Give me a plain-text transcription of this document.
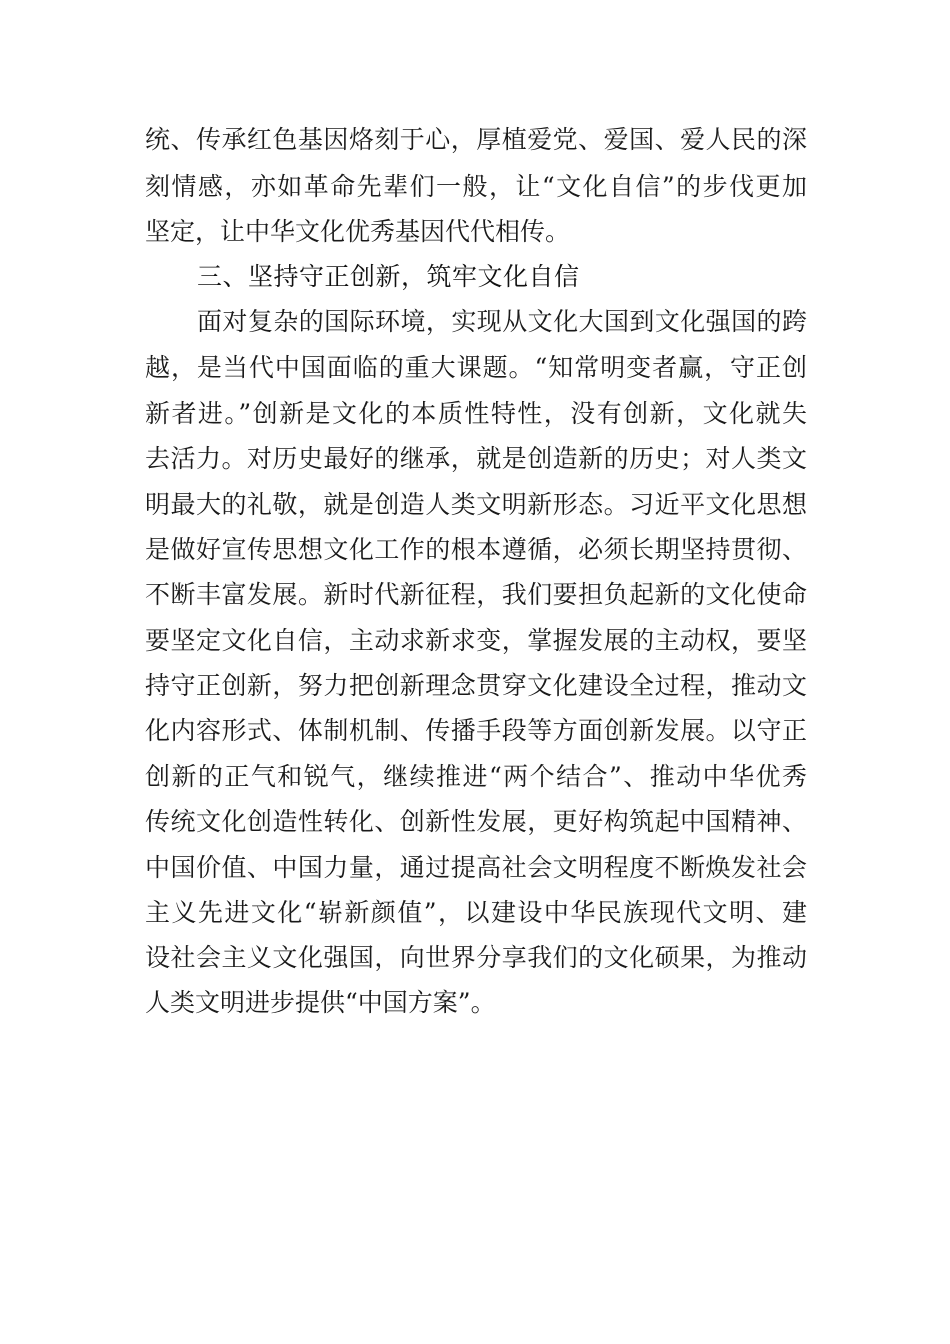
统、传承红色基因烙刻于心，厚植爱党、爱国、爱人民的深
刻情感，亦如革命先辈们一般，让“文化自信”的步伐更加
坚定，让中华文化优秀基因代代相传。
三、坚持守正创新，筑牢文化自信
面对复杂的国际环境，实现从文化大国到文化强国的跨
越，是当代中国面临的重大课题。“知常明变者赢，守正创
新者进。”创新是文化的本质性特性，没有创新，文化就失
去活力。对历史最好的继承，就是创造新的历史；对人类文
明最大的礼敬，就是创造人类文明新形态。习近平文化思想
是做好宣传思想文化工作的根本遵循，必须长期坚持贯彻、
不断丰富发展。新时代新征程，我们要担负起新的文化使命
要坚定文化自信，主动求新求变，掌握发展的主动权，要坚
持守正创新，努力把创新理念贯穿文化建设全过程，推动文
化内容形式、体制机制、传播手段等方面创新发展。以守正
创新的正气和锐气，继续推进“两个结合”、推动中华优秀
传统文化创造性转化、创新性发展，更好构筑起中国精神、
中国价值、中国力量，通过提高社会文明程度不断焕发社会
主义先进文化“崭新颜值”，以建设中华民族现代文明、建
设社会主义文化强国，向世界分享我们的文化硕果，为推动
人类文明进步提供“中国方案”。
